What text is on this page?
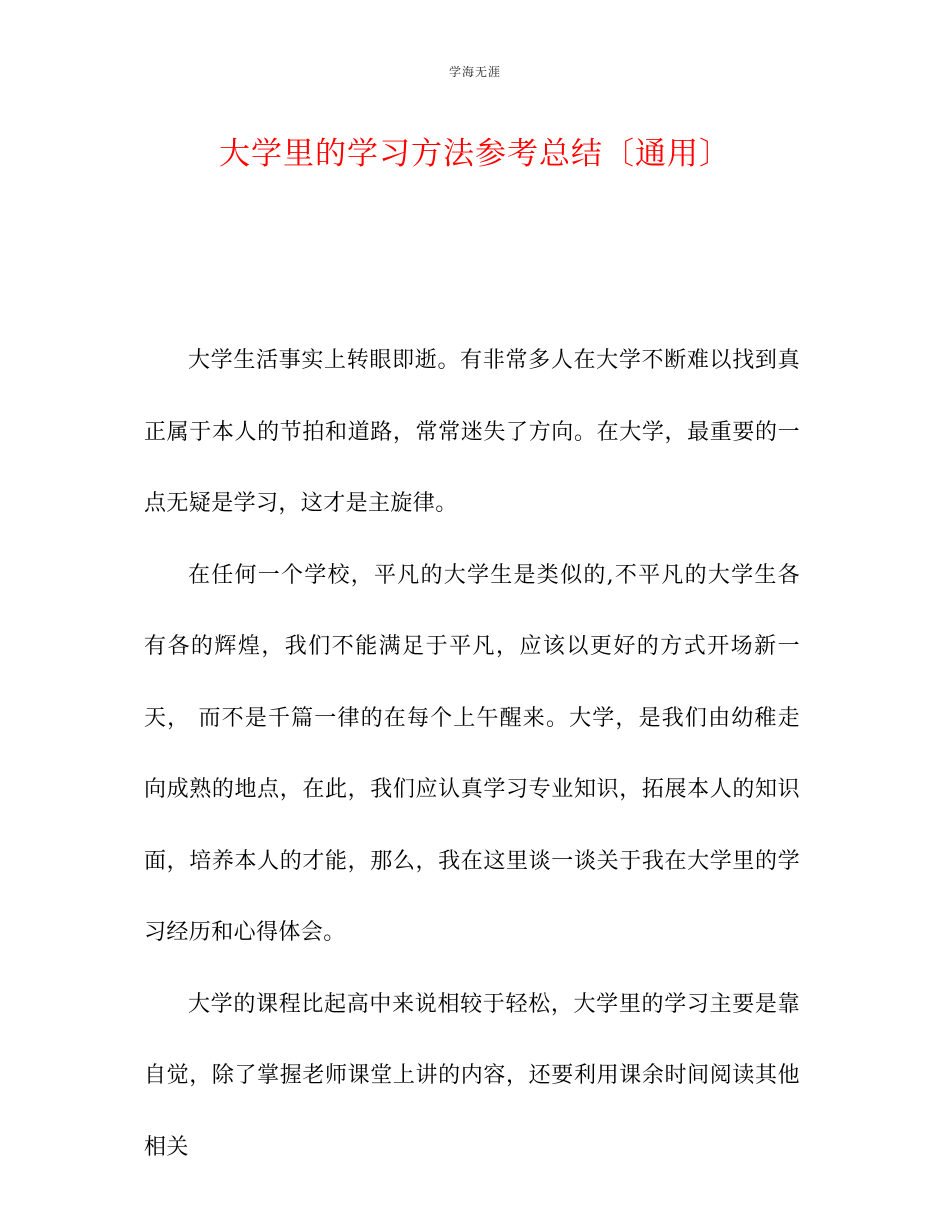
学海无涯
大学里的学习方法参考总结〔通用〕

大学生活事实上转眼即逝。有非常多人在大学不断难以找到真正属于本人的节拍和道路，常常迷失了方向。在大学，最重要的一点无疑是学习，这才是主旋律。

在任何一个学校，平凡的大学生是类似的,不平凡的大学生各有各的辉煌，我们不能满足于平凡，应该以更好的方式开场新一天， 而不是千篇一律的在每个上午醒来。大学，是我们由幼稚走向成熟的地点，在此，我们应认真学习专业知识，拓展本人的知识面，培养本人的才能，那么，我在这里谈一谈关于我在大学里的学习经历和心得体会。

大学的课程比起高中来说相较于轻松，大学里的学习主要是靠自觉，除了掌握老师课堂上讲的内容，还要利用课余时间阅读其他相关
